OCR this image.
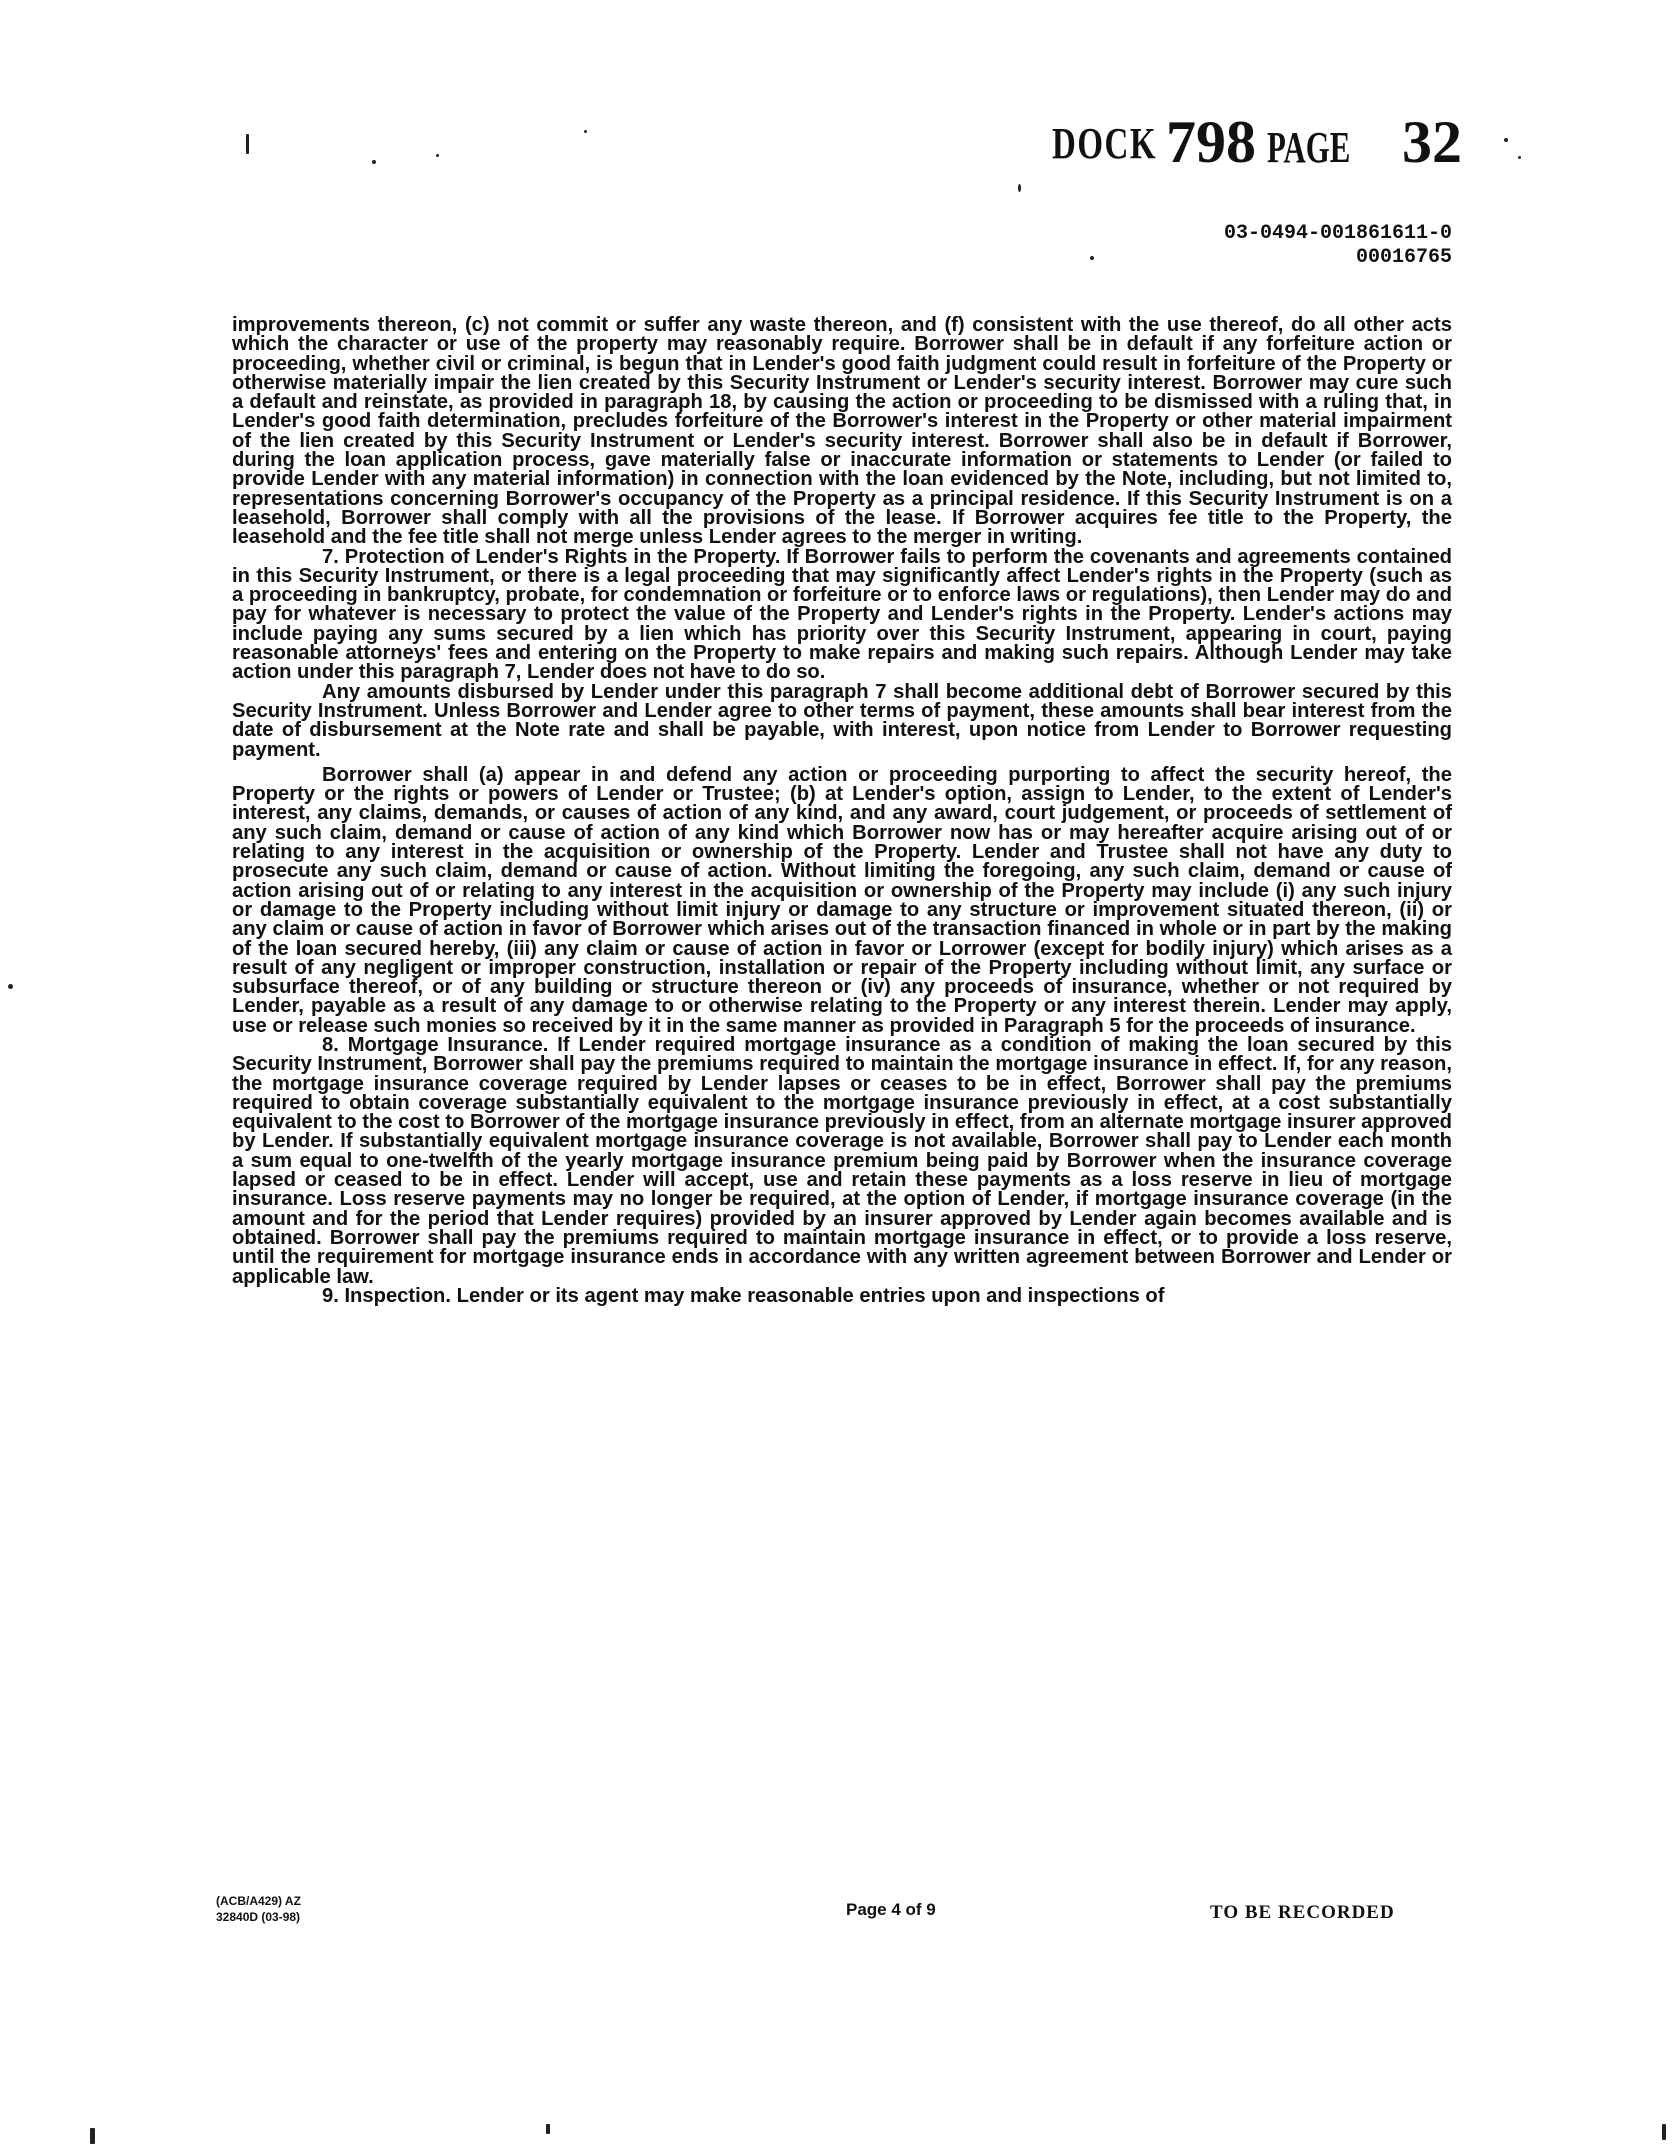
DOCK 798 PAGE 32
03-0494-001861611-0
00016765

improvements thereon, (c) not commit or suffer any waste thereon, and (f) consistent with the use thereof, do all other acts which the character or use of the property may reasonably require. Borrower shall be in default if any forfeiture action or proceeding, whether civil or criminal, is begun that in Lender's good faith judgment could result in forfeiture of the Property or otherwise materially impair the lien created by this Security Instrument or Lender's security interest. Borrower may cure such a default and reinstate, as provided in paragraph 18, by causing the action or proceeding to be dismissed with a ruling that, in Lender's good faith determination, precludes forfeiture of the Borrower's interest in the Property or other material impairment of the lien created by this Security Instrument or Lender's security interest. Borrower shall also be in default if Borrower, during the loan application process, gave materially false or inaccurate information or statements to Lender (or failed to provide Lender with any material information) in connection with the loan evidenced by the Note, including, but not limited to, representations concerning Borrower's occupancy of the Property as a principal residence. If this Security Instrument is on a leasehold, Borrower shall comply with all the provisions of the lease. If Borrower acquires fee title to the Property, the leasehold and the fee title shall not merge unless Lender agrees to the merger in writing.

7. Protection of Lender's Rights in the Property. If Borrower fails to perform the covenants and agreements contained in this Security Instrument, or there is a legal proceeding that may significantly affect Lender's rights in the Property (such as a proceeding in bankruptcy, probate, for condemnation or forfeiture or to enforce laws or regulations), then Lender may do and pay for whatever is necessary to protect the value of the Property and Lender's rights in the Property. Lender's actions may include paying any sums secured by a lien which has priority over this Security Instrument, appearing in court, paying reasonable attorneys' fees and entering on the Property to make repairs and making such repairs. Although Lender may take action under this paragraph 7, Lender does not have to do so.

Any amounts disbursed by Lender under this paragraph 7 shall become additional debt of Borrower secured by this Security Instrument. Unless Borrower and Lender agree to other terms of payment, these amounts shall bear interest from the date of disbursement at the Note rate and shall be payable, with interest, upon notice from Lender to Borrower requesting payment.

Borrower shall (a) appear in and defend any action or proceeding purporting to affect the security hereof, the Property or the rights or powers of Lender or Trustee; (b) at Lender's option, assign to Lender, to the extent of Lender's interest, any claims, demands, or causes of action of any kind, and any award, court judgement, or proceeds of settlement of any such claim, demand or cause of action of any kind which Borrower now has or may hereafter acquire arising out of or relating to any interest in the acquisition or ownership of the Property. Lender and Trustee shall not have any duty to prosecute any such claim, demand or cause of action. Without limiting the foregoing, any such claim, demand or cause of action arising out of or relating to any interest in the acquisition or ownership of the Property may include (i) any such injury or damage to the Property including without limit injury or damage to any structure or improvement situated thereon, (ii) or any claim or cause of action in favor of Borrower which arises out of the transaction financed in whole or in part by the making of the loan secured hereby, (iii) any claim or cause of action in favor or Lorrower (except for bodily injury) which arises as a result of any negligent or improper construction, installation or repair of the Property including without limit, any surface or subsurface thereof, or of any building or structure thereon or (iv) any proceeds of insurance, whether or not required by Lender, payable as a result of any damage to or otherwise relating to the Property or any interest therein. Lender may apply, use or release such monies so received by it in the same manner as provided in Paragraph 5 for the proceeds of insurance.

8. Mortgage Insurance. If Lender required mortgage insurance as a condition of making the loan secured by this Security Instrument, Borrower shall pay the premiums required to maintain the mortgage insurance in effect. If, for any reason, the mortgage insurance coverage required by Lender lapses or ceases to be in effect, Borrower shall pay the premiums required to obtain coverage substantially equivalent to the mortgage insurance previously in effect, at a cost substantially equivalent to the cost to Borrower of the mortgage insurance previously in effect, from an alternate mortgage insurer approved by Lender. If substantially equivalent mortgage insurance coverage is not available, Borrower shall pay to Lender each month a sum equal to one-twelfth of the yearly mortgage insurance premium being paid by Borrower when the insurance coverage lapsed or ceased to be in effect. Lender will accept, use and retain these payments as a loss reserve in lieu of mortgage insurance. Loss reserve payments may no longer be required, at the option of Lender, if mortgage insurance coverage (in the amount and for the period that Lender requires) provided by an insurer approved by Lender again becomes available and is obtained. Borrower shall pay the premiums required to maintain mortgage insurance in effect, or to provide a loss reserve, until the requirement for mortgage insurance ends in accordance with any written agreement between Borrower and Lender or applicable law.

9. Inspection. Lender or its agent may make reasonable entries upon and inspections of

(ACB/A429) AZ
32840D (03-98)	Page 4 of 9	TO BE RECORDED
